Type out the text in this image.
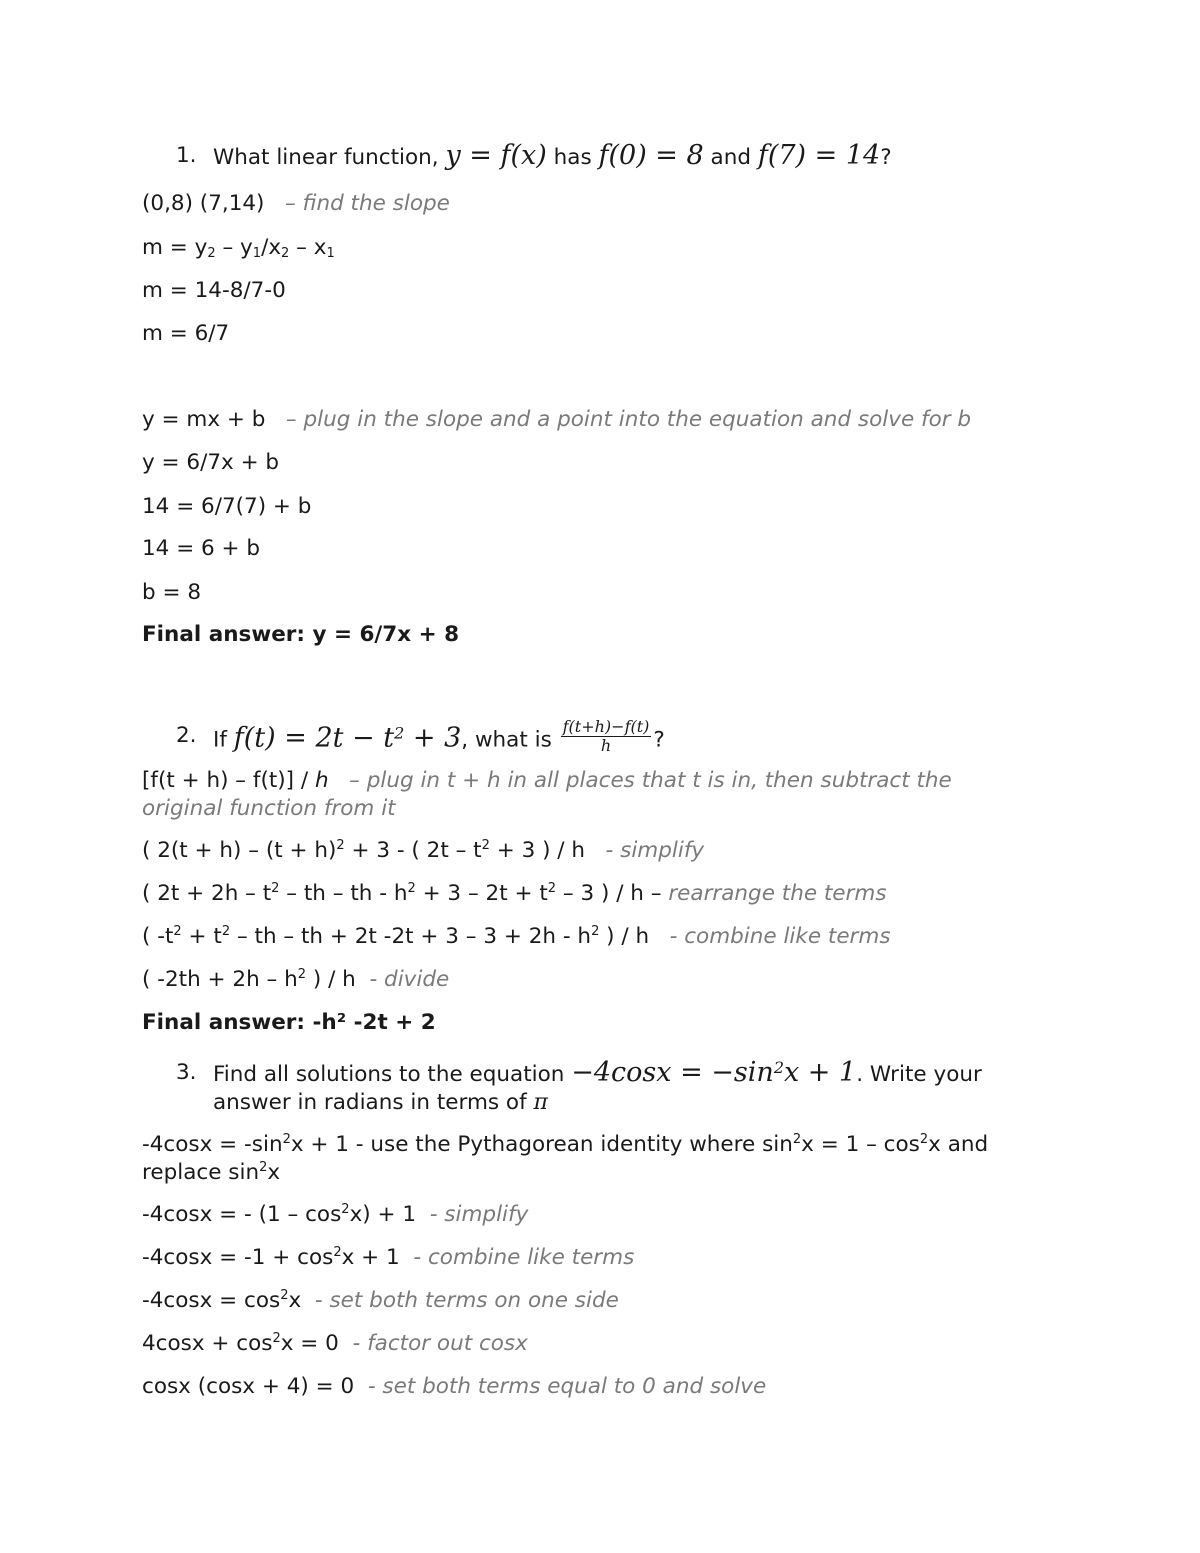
1. What linear function, y = f(x) has f(0) = 8 and f(7) = 14?
(0,8) (7,14) – find the slope
$m = y_2 - y_1/x_2 - x_1$
m = 14-8/7-0
m = 6/7
y = mx + b – plug in the slope and a point into the equation and solve for b
y = 6/7x + b
14 = 6/7(7) + b
14 = 6 + b
b = 8
Final answer: y = 6/7x + 8
2. If $f(t) = 2t - t^2 + 3$, what is $\frac{f(t+h)-f(t)}{h}$ ?
[f(t + h) – f(t)] / h – plug in t + h in all places that t is in, then subtract the original function from it
( $2(t + h) - (t + h)^2 + 3$ - ( $2t - t^2 + 3$ ) / h - simplify
( $2t + 2h - t^2$ – th – th - $h^2 + 3 - 2t + t^2 - 3$ ) / h – rearrange the terms
( $-t^2 + t^2$ – th – th + 2t $-2t + 3 - 3 + 2h - h^2$ ) / h - combine like terms
( $-2th + 2h - h^2$ ) / h - divide
Final answer: -h² -2t + 2
3. Find all solutions to the equation $-4\cos x = -\sin^2x + 1$. Write your answer in radians in terms of π
$-4\cos x = -\sin^2x + 1$ - use the Pythagorean identity where $\sin^2x = 1 - \cos^2x$ and replace $\sin^2x$
-4cosx = - $(1 - \cos^2x) + 1$ - simplify
$-4\cos x = -1 + \cos^2x + 1$ - combine like terms
$-4\cos x = \cos^2x$ - set both terms on one side
$4\cos x + \cos^2x = 0$ - factor out cosx
cosx (cosx + 4) = 0 - set both terms equal to 0 and solve
